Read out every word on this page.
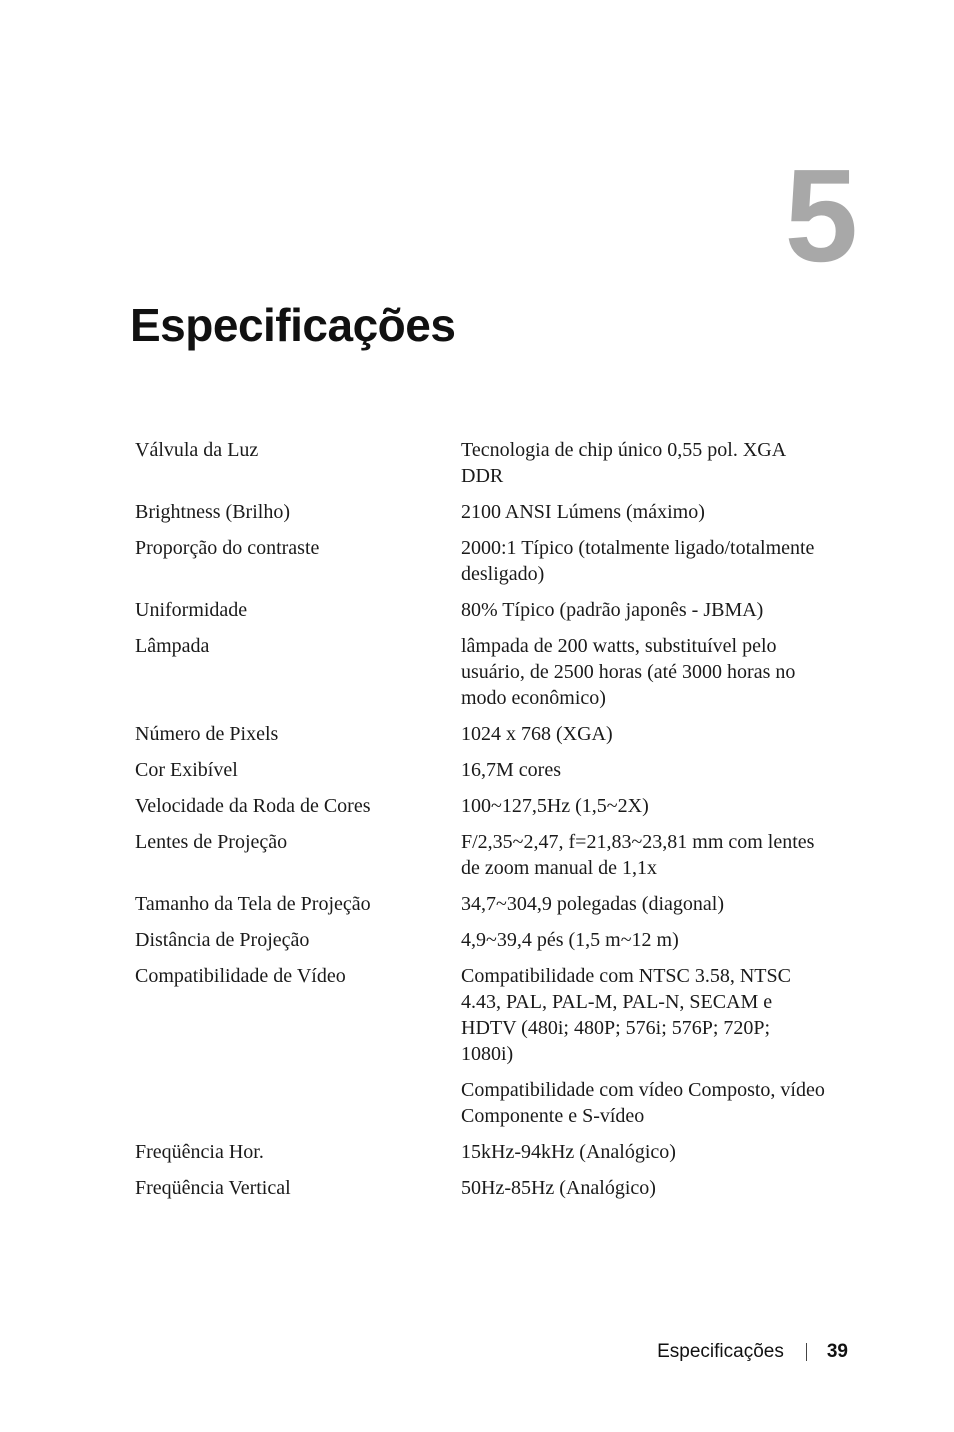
5
Especificações
Válvula da Luz	Tecnologia de chip único 0,55 pol. XGA DDR

Brightness (Brilho)	2100 ANSI Lúmens (máximo)

Proporção do contraste	2000:1 Típico (totalmente ligado/totalmente desligado)

Uniformidade	80% Típico (padrão japonês - JBMA)

Lâmpada	lâmpada de 200 watts, substituível pelo usuário, de 2500 horas (até 3000 horas no modo econômico)

Número de Pixels	1024 x 768 (XGA)

Cor Exibível	16,7M cores

Velocidade da Roda de Cores	100~127,5Hz (1,5~2X)

Lentes de Projeção	F/2,35~2,47, f=21,83~23,81 mm com lentes de zoom manual de 1,1x

Tamanho da Tela de Projeção	34,7~304,9 polegadas (diagonal)

Distância de Projeção	4,9~39,4 pés (1,5 m~12 m)

Compatibilidade de Vídeo	Compatibilidade com NTSC 3.58, NTSC 4.43, PAL, PAL-M, PAL-N, SECAM e HDTV (480i; 480P; 576i; 576P; 720P; 1080i)
Compatibilidade com vídeo Composto, vídeo Componente e S-vídeo

Freqüência Hor.	15kHz-94kHz (Analógico)

Freqüência Vertical	50Hz-85Hz (Analógico)
Especificações 39
